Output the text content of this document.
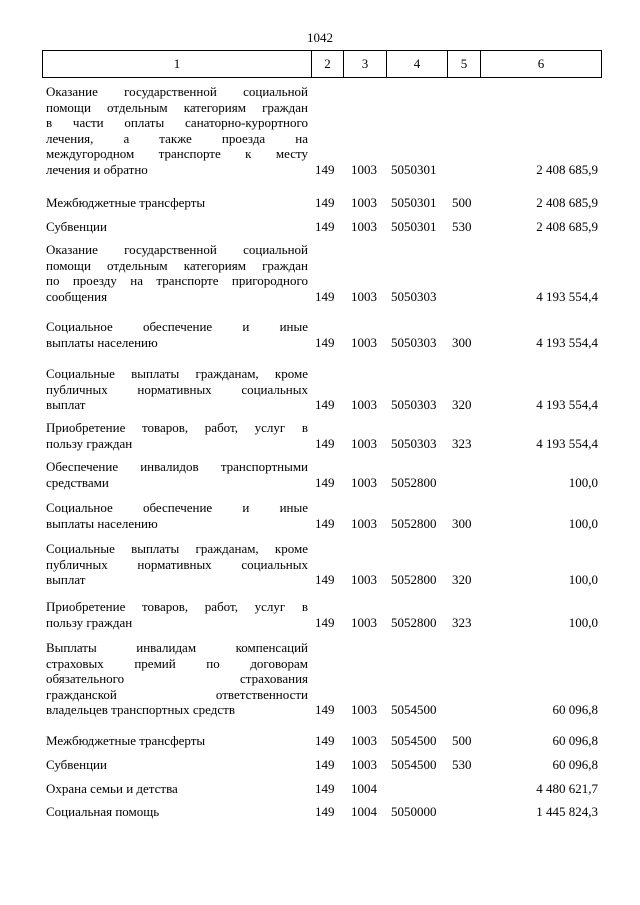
1042
1	2	3	4	5	6
Оказание государственной социальной
помощи отдельным категориям граждан
в части оплаты санаторно-курортного
лечения, а также проезда на
междугородном транспорте к месту
лечения и обратно	149 1003 5050301	2 408 685,9
Межбюджетные трансферты	149 1003 5050301 500	2 408 685,9
Субвенции	149 1003 5050301 530	2 408 685,9
Оказание государственной социальной
помощи отдельным категориям граждан
по проезду на транспорте пригородного
сообщения	149 1003 5050303	4 193 554,4
Социальное обеспечение и иные
выплаты населению	149 1003 5050303 300	4 193 554,4
Социальные выплаты гражданам, кроме
публичных нормативных социальных
выплат	149 1003 5050303 320	4 193 554,4
Приобретение товаров, работ, услуг в
пользу граждан	149 1003 5050303 323	4 193 554,4
Обеспечение инвалидов транспортными
средствами	149 1003 5052800	100,0
Социальное обеспечение и иные
выплаты населению	149 1003 5052800 300	100,0
Социальные выплаты гражданам, кроме
публичных нормативных социальных
выплат	149 1003 5052800 320	100,0
Приобретение товаров, работ, услуг в
пользу граждан	149 1003 5052800 323	100,0
Выплаты инвалидам компенсаций
страховых премий по договорам
обязательного страхования
гражданской ответственности
владельцев транспортных средств	149 1003 5054500	60 096,8
Межбюджетные трансферты	149 1003 5054500 500	60 096,8
Субвенции	149 1003 5054500 530	60 096,8
Охрана семьи и детства	149 1004	4 480 621,7
Социальная помощь	149 1004 5050000	1 445 824,3
